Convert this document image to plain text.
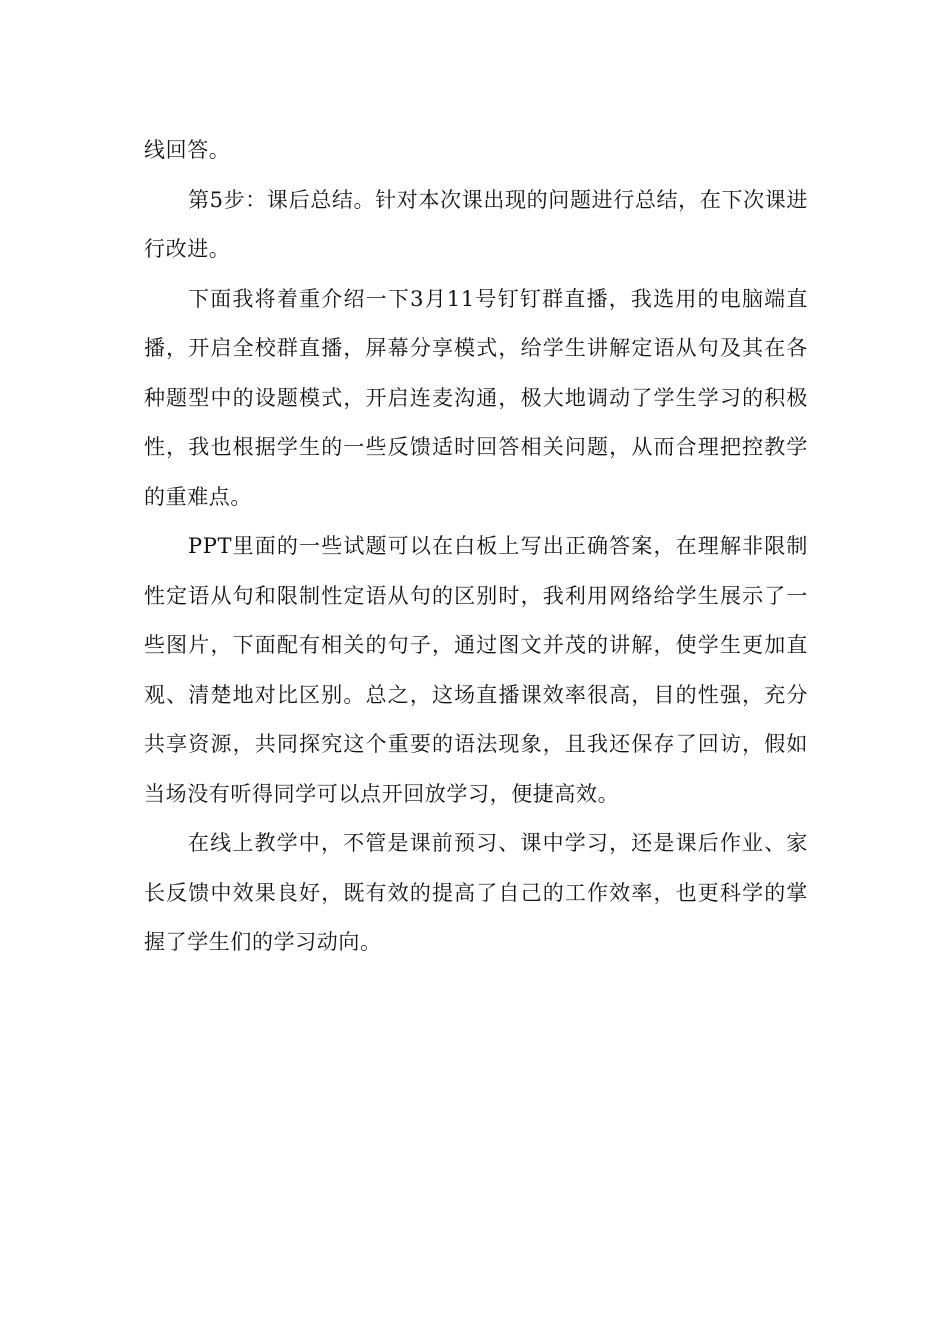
线回答。

第5步：课后总结。针对本次课出现的问题进行总结，在下次课进行改进。

下面我将着重介绍一下3月11号钉钉群直播，我选用的电脑端直播，开启全校群直播，屏幕分享模式，给学生讲解定语从句及其在各种题型中的设题模式，开启连麦沟通，极大地调动了学生学习的积极性，我也根据学生的一些反馈适时回答相关问题，从而合理把控教学的重难点。

PPT里面的一些试题可以在白板上写出正确答案，在理解非限制性定语从句和限制性定语从句的区别时，我利用网络给学生展示了一些图片，下面配有相关的句子，通过图文并茂的讲解，使学生更加直观、清楚地对比区别。总之，这场直播课效率很高，目的性强，充分共享资源，共同探究这个重要的语法现象，且我还保存了回访，假如当场没有听得同学可以点开回放学习，便捷高效。

在线上教学中，不管是课前预习、课中学习，还是课后作业、家长反馈中效果良好，既有效的提高了自己的工作效率，也更科学的掌握了学生们的学习动向。
